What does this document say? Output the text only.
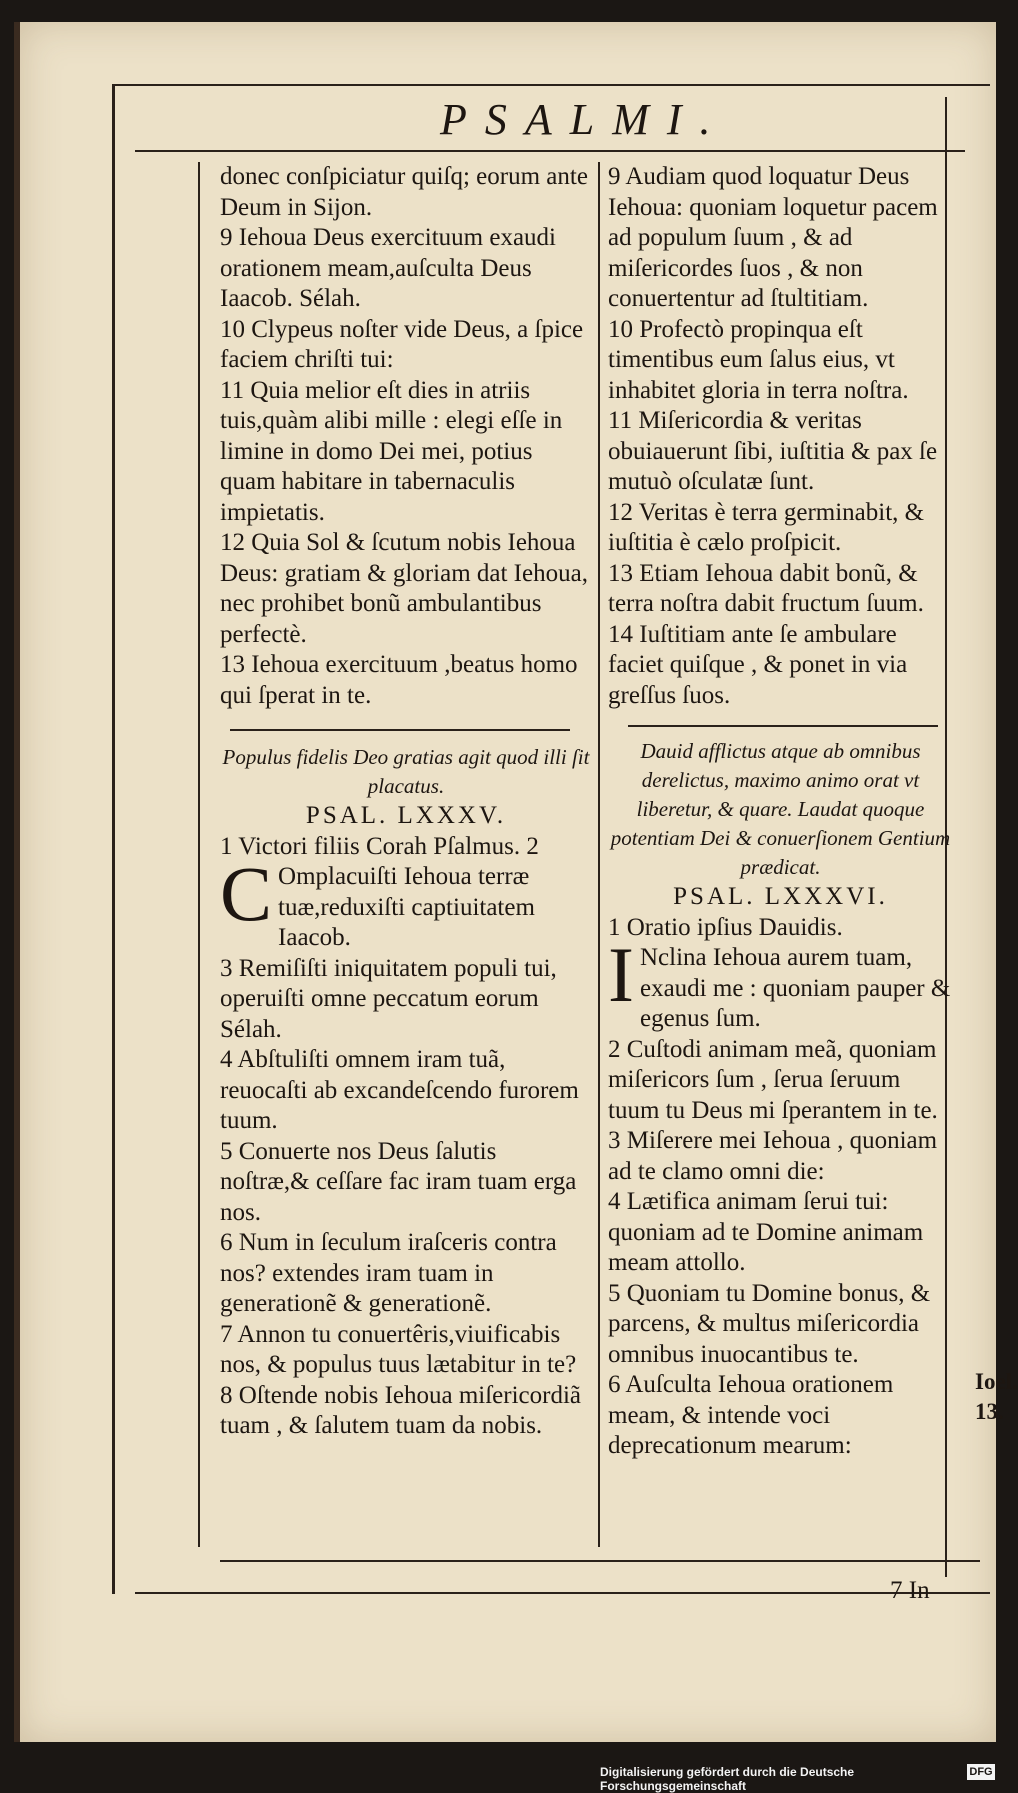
PSALMI.

donec conſpiciatur quiſq; eorum ante Deum in Sijon.

9 Iehoua Deus exercituum exaudi orationem meam,auſculta Deus Iaacob. Sélah.

10 Clypeus noſter vide Deus, a ſpice faciem chriſti tui:

11 Quia melior eſt dies in atriis tuis,quàm alibi mille : elegi eſſe in limine in domo Dei mei, potius quam habitare in tabernaculis impietatis.

12 Quia Sol & ſcutum nobis Iehoua Deus: gratiam & gloriam dat Iehoua, nec prohibet bonũ ambulantibus perfectè.

13 Iehoua exercituum ,beatus homo qui ſperat in te.

Populus fidelis Deo gratias agit quod illi ſit placatus.

PSAL. LXXXV.

1 Victori filiis Corah Pſalmus. 2

C Omplacuiſti Iehoua terræ tuæ,reduxiſti captiuitatem Iaacob.

3 Remiſiſti iniquitatem populi tui, operuiſti omne peccatum eorum Sélah.

4 Abſtuliſti omnem iram tuã, reuocaſti ab excandeſcendo furorem tuum.

5 Conuerte nos Deus ſalutis noſtræ,& ceſſare fac iram tuam erga nos.

6 Num in ſeculum iraſceris contra nos? extendes iram tuam in generationẽ & generationẽ.

7 Annon tu conuertêris,viuificabis nos, & populus tuus lætabitur in te?

8 Oſtende nobis Iehoua miſericordiã tuam , & ſalutem tuam da nobis.

9 Audiam quod loquatur Deus Iehoua: quoniam loquetur pacem ad populum ſuum , & ad miſericordes ſuos , & non conuertentur ad ſtultitiam.

10 Profectò propinqua eſt timentibus eum ſalus eius, vt inhabitet gloria in terra noſtra.

11 Miſericordia & veritas obuiauerunt ſibi, iuſtitia & pax ſe mutuò oſculatæ ſunt.

12 Veritas è terra germinabit, & iuſtitia è cælo proſpicit.

13 Etiam Iehoua dabit bonũ, & terra noſtra dabit fructum ſuum.

14 Iuſtitiam ante ſe ambulare faciet quiſque , & ponet in via greſſus ſuos.

Dauid afflictus atque ab omnibus derelictus, maximo animo orat vt liberetur, & quare. Laudat quoque potentiam Dei & conuerſionem Gentium prædicat.

PSAL. LXXXVI.

1 Oratio ipſius Dauidis.

I Nclina Iehoua aurem tuam, exaudi me : quoniam pauper & egenus ſum.

2 Cuſtodi animam meã, quoniam miſericors ſum , ſerua ſeruum tuum tu Deus mi ſperantem in te.

3 Miſerere mei Iehoua , quoniam ad te clamo omni die:

4 Lætifica animam ſerui tui: quoniam ad te Domine animam meam attollo.

5 Quoniam tu Domine bonus, & parcens, & multus miſericordia omnibus inuocantibus te.

6 Auſculta Iehoua orationem meam, & intende voci deprecationum mearum:

Ioel. 13.
7 In
Digitalisierung gefördert durch die Deutsche Forschungsgemeinschaft
DFG
